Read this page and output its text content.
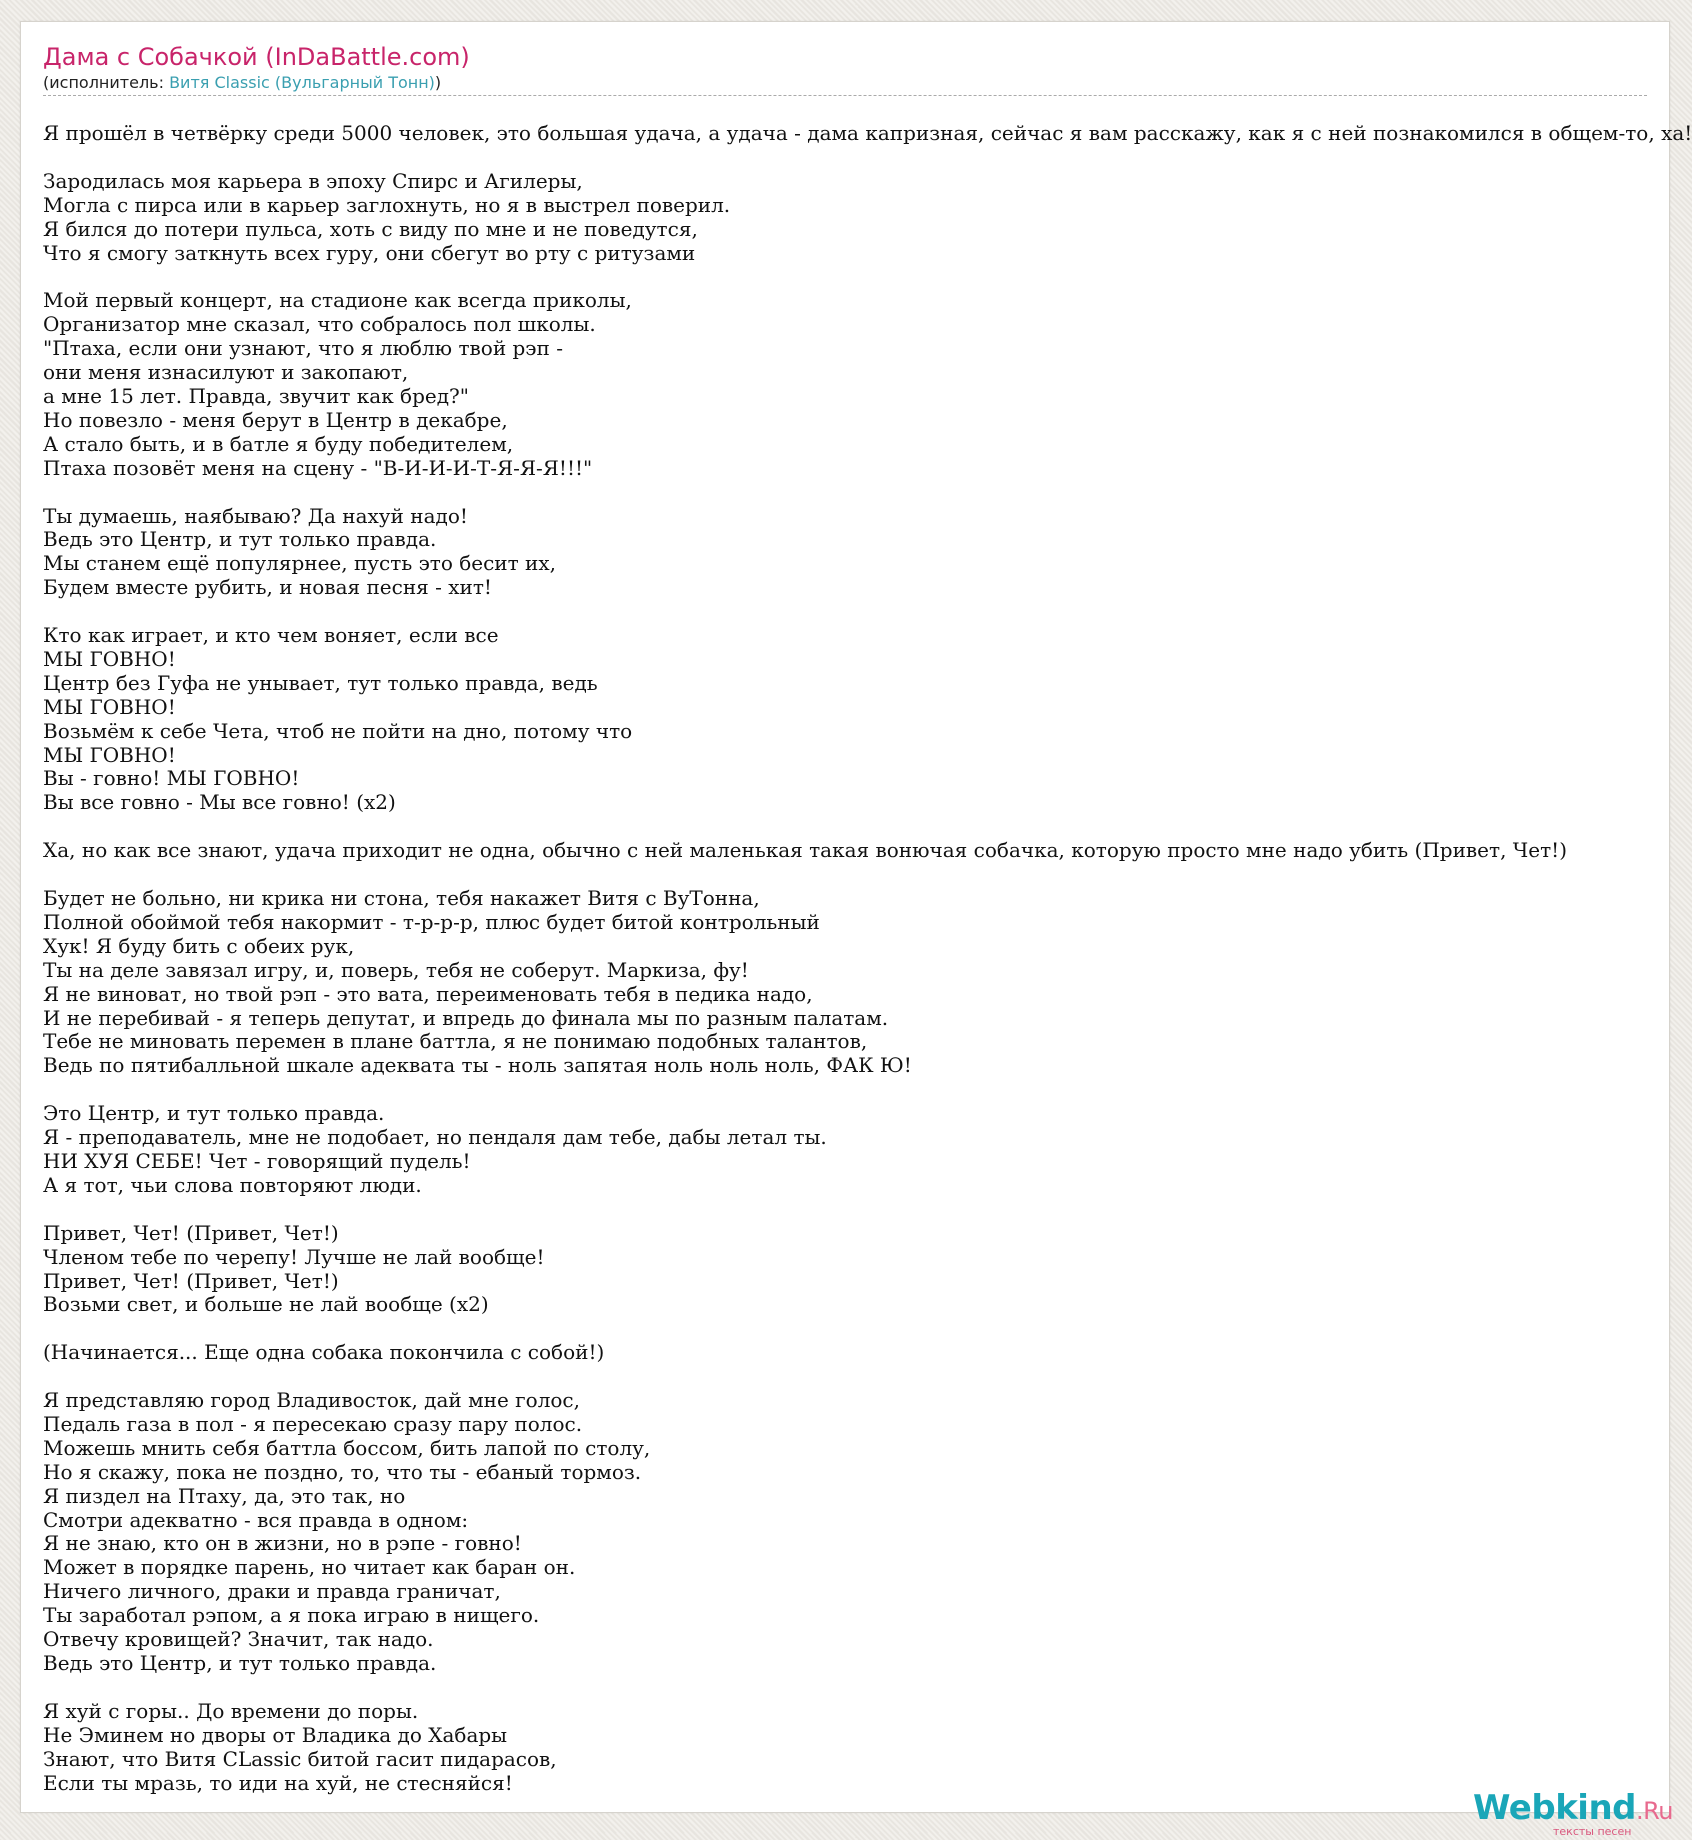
Дама с Собачкой (InDaBattle.com)
(исполнитель: Витя Classic (Вульгарный Тонн))
Я прошёл в четвёрку среди 5000 человек, это большая удача, а удача - дама капризная, сейчас я вам расскажу, как я с ней познакомился в общем-то, ха!

Зародилась моя карьера в эпоху Спирс и Агилеры,
Могла с пирса или в карьер заглохнуть, но я в выстрел поверил.
Я бился до потери пульса, хоть с виду по мне и не поведутся,
Что я смогу заткнуть всех гуру, они сбегут во рту с ритузами

Мой первый концерт, на стадионе как всегда приколы,
Организатор мне сказал, что собралось пол школы.
"Птаха, если они узнают, что я люблю твой рэп -
они меня изнасилуют и закопают,
а мне 15 лет. Правда, звучит как бред?"
Но повезло - меня берут в Центр в декабре,
А стало быть, и в батле я буду победителем,
Птаха позовёт меня на сцену - "В-И-И-И-Т-Я-Я-Я!!!"

Ты думаешь, наябываю? Да нахуй надо!
Ведь это Центр, и тут только правда.
Мы станем ещё популярнее, пусть это бесит их,
Будем вместе рубить, и новая песня - хит!

Кто как играет, и кто чем воняет, если все
МЫ ГОВНО!
Центр без Гуфа не унывает, тут только правда, ведь
МЫ ГОВНО!
Возьмём к себе Чета, чтоб не пойти на дно, потому что
МЫ ГОВНО!
Вы - говно! МЫ ГОВНО!
Вы все говно - Мы все говно! (x2)

Ха, но как все знают, удача приходит не одна, обычно с ней маленькая такая вонючая собачка, которую просто мне надо убить (Привет, Чет!)

Будет не больно, ни крика ни стона, тебя накажет Витя с ВуТонна,
Полной обоймой тебя накормит - т-р-р-р, плюс будет битой контрольный
Хук! Я буду бить с обеих рук,
Ты на деле завязал игру, и, поверь, тебя не соберут. Маркиза, фу!
Я не виноват, но твой рэп - это вата, переименовать тебя в педика надо,
И не перебивай - я теперь депутат, и впредь до финала мы по разным палатам.
Тебе не миновать перемен в плане баттла, я не понимаю подобных талантов,
Ведь по пятибалльной шкале адеквата ты - ноль запятая ноль ноль ноль, ФАК Ю!

Это Центр, и тут только правда.
Я - преподаватель, мне не подобает, но пендаля дам тебе, дабы летал ты.
НИ ХУЯ СЕБЕ! Чет - говорящий пудель!
А я тот, чьи слова повторяют люди.

Привет, Чет! (Привет, Чет!)
Членом тебе по черепу! Лучше не лай вообще!
Привет, Чет! (Привет, Чет!)
Возьми свет, и больше не лай вообще (x2)

(Начинается... Еще одна собака покончила с собой!)

Я представляю город Владивосток, дай мне голос,
Педаль газа в пол - я пересекаю сразу пару полос.
Можешь мнить себя баттла боссом, бить лапой по столу,
Но я скажу, пока не поздно, то, что ты - ебаный тормоз.
Я пиздел на Птаху, да, это так, но
Смотри адекватно - вся правда в одном:
Я не знаю, кто он в жизни, но в рэпе - говно!
Может в порядке парень, но читает как баран он.
Ничего личного, драки и правда граничат,
Ты заработал рэпом, а я пока играю в нищего.
Отвечу кровищей? Значит, так надо.
Ведь это Центр, и тут только правда.

Я хуй с горы.. До времени до поры.
Не Эминем но дворы от Владика до Хабары
Знают, что Витя CLassic битой гасит пидарасов,
Если ты мразь, то иди на хуй, не стесняйся!
Webkind.Ru
тексты песен
